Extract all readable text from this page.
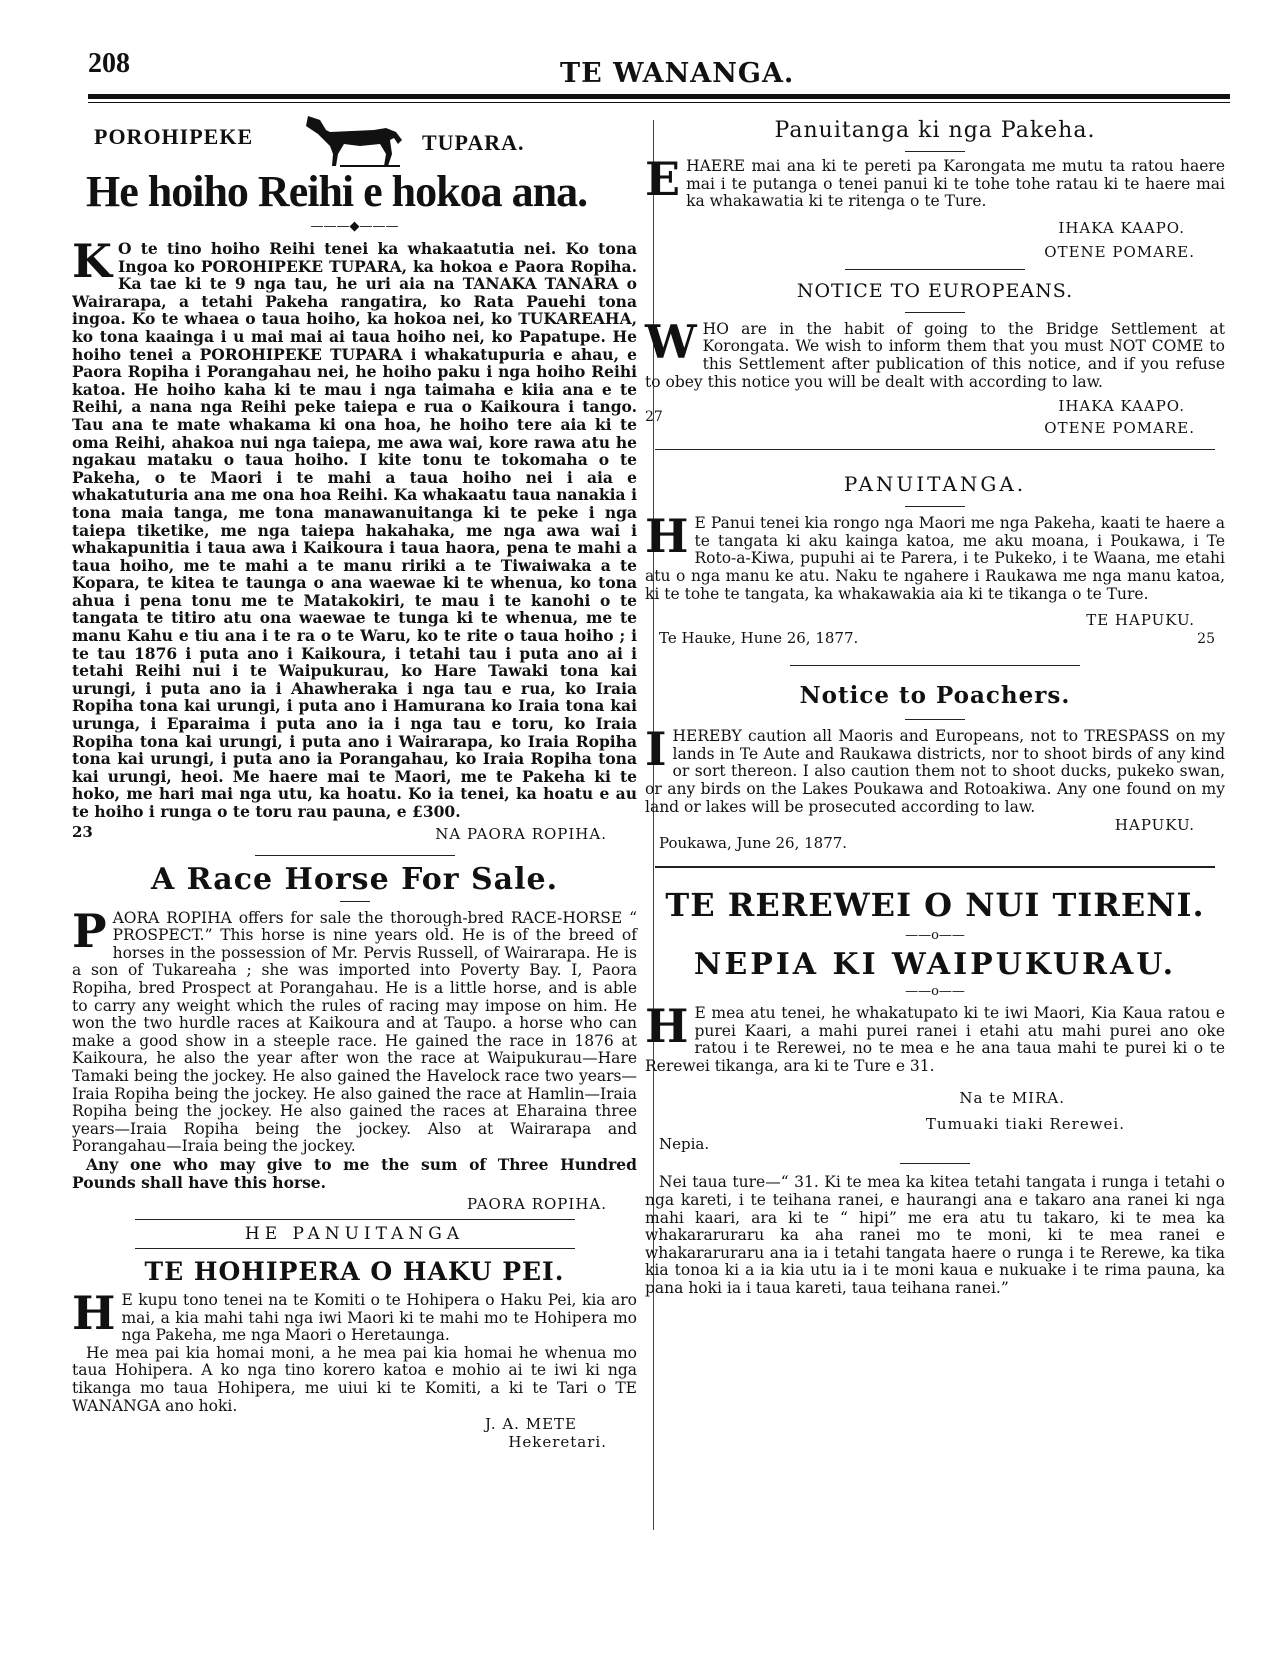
208	TE WANANGA.
POROHIPEKE	TUPARA.
He hoiho Reihi e hokoa ana.
———◆———
K O te tino hoiho Reihi tenei ka whakaatutia nei. Ko tona Ingoa ko POROHIPEKE TUPARA, ka hokoa e Paora Ropiha. Ka tae ki te 9 nga tau, he uri aia na TANAKA TANARA o Wairarapa, a tetahi Pakeha rangatira, ko Rata Pauehi tona ingoa. Ko te whaea o taua hoiho, ka hokoa nei, ko TUKAREAHA, ko tona kaainga i u mai mai ai taua hoiho nei, ko Papatupe. He hoiho tenei a POROHIPEKE TUPARA i whakatupuria e ahau, e Paora Ropiha i Porangahau nei, he hoiho paku i nga hoiho Reihi katoa. He hoiho kaha ki te mau i nga taimaha e kiia ana e te Reihi, a nana nga Reihi peke taiepa e rua o Kaikoura i tango. Tau ana te mate whakama ki ona hoa, he hoiho tere aia ki te oma Reihi, ahakoa nui nga taiepa, me awa wai, kore rawa atu he ngakau mataku o taua hoiho. I kite tonu te tokomaha o te Pakeha, o te Maori i te mahi a taua hoiho nei i aia e whakatuturia ana me ona hoa Reihi. Ka whakaatu taua nanakia i tona maia tanga, me tona manawanuitanga ki te peke i nga taiepa tiketike, me nga taiepa hakahaka, me nga awa wai i whakapunitia i taua awa i Kaikoura i taua haora, pena te mahi a taua hoiho, me te mahi a te manu ririki a te Tiwaiwaka a te Kopara, te kitea te taunga o ana waewae ki te whenua, ko tona ahua i pena tonu me te Matakokiri, te mau i te kanohi o te tangata te titiro atu ona waewae te tunga ki te whenua, me te manu Kahu e tiu ana i te ra o te Waru, ko te rite o taua hoiho ; i te tau 1876 i puta ano i Kaikoura, i tetahi tau i puta ano ai i tetahi Reihi nui i te Waipukurau, ko Hare Tawaki tona kai urungi, i puta ano ia i Ahawheraka i nga tau e rua, ko Iraia Ropiha tona kai urungi, i puta ano i Hamurana ko Iraia tona kai urunga, i Eparaima i puta ano ia i nga tau e toru, ko Iraia Ropiha tona kai urungi, i puta ano i Wairarapa, ko Iraia Ropiha tona kai urungi, i puta ano ia Porangahau, ko Iraia Ropiha tona kai urungi, heoi. Me haere mai te Maori, me te Pakeha ki te hoko, me hari mai nga utu, ka hoatu. Ko ia tenei, ka hoatu e au te hoiho i runga o te toru rau pauna, e £300.
23	NA PAORA ROPIHA.
A Race Horse For Sale.
PAORA ROPIHA offers for sale the thorough-bred RACE-HORSE “ PROSPECT.” This horse is nine years old. He is of the breed of horses in the possession of Mr. Pervis Russell, of Wairarapa. He is a son of Tukareaha ; she was imported into Poverty Bay. I, Paora Ropiha, bred Prospect at Porangahau. He is a little horse, and is able to carry any weight which the rules of racing may impose on him. He won the two hurdle races at Kaikoura and at Taupo. a horse who can make a good show in a steeple race. He gained the race in 1876 at Kaikoura, he also the year after won the race at Waipukurau—Hare Tamaki being the jockey. He also gained the Havelock race two years—Iraia Ropiha being the jockey. He also gained the race at Hamlin—Iraia Ropiha being the jockey. He also gained the races at Eharaina three years—Iraia Ropiha being the jockey. Also at Wairarapa and Porangahau—Iraia being the jockey.

Any one who may give to me the sum of Three Hundred Pounds shall have this horse.

PAORA ROPIHA.
HE PANUITANGA
TE HOHIPERA O HAKU PEI.
H E kupu tono tenei na te Komiti o te Hohipera o Haku Pei, kia aro mai, a kia mahi tahi nga iwi Maori ki te mahi mo te Hohipera mo nga Pakeha, me nga Maori o Heretaunga.

He mea pai kia homai moni, a he mea pai kia homai he whenua mo taua Hohipera. A ko nga tino korero katoa e mohio ai te iwi ki nga tikanga mo taua Hohipera, me uiui ki te Komiti, a ki te Tari o TE WANANGA ano hoki.

J. A. METE
Hekeretari.
Panuitanga ki nga Pakeha.
EHAERE mai ana ki te pereti pa Karongata me mutu ta ratou haere mai i te putanga o tenei panui ki te tohe tohe ratau ki te haere mai ka whakawatia ki te ritenga o te Ture.
IHAKA KAAPO.
OTENE POMARE.
NOTICE TO EUROPEANS.
WHO are in the habit of going to the Bridge Settlement at Korongata. We wish to inform them that you must NOT COME to this Settlement after publication of this notice, and if you refuse to obey this notice you will be dealt with according to law.
IHAKA KAAPO.
27
OTENE POMARE.
PANUITANGA.
H E Panui tenei kia rongo nga Maori me nga Pakeha, kaati te haere a te tangata ki aku kainga katoa, me aku moana, i Poukawa, i Te Roto-a-Kiwa, pupuhi ai te Parera, i te Pukeko, i te Waana, me etahi atu o nga manu ke atu. Naku te ngahere i Raukawa me nga manu katoa, ki te tohe te tangata, ka whakawakia aia ki te tikanga o te Ture.
TE HAPUKU.
Te Hauke, Hune 26, 1877.	25
Notice to Poachers.
IHEREBY caution all Maoris and Europeans, not to TRESPASS on my lands in Te Aute and Raukawa districts, nor to shoot birds of any kind or sort thereon. I also caution them not to shoot ducks, pukeko swan, or any birds on the Lakes Poukawa and Rotoakiwa. Any one found on my land or lakes will be prosecuted according to law.
HAPUKU.
Poukawa, June 26, 1877.
TE REREWEI O NUI TIRENI.
——o——
NEPIA KI WAIPUKURAU.
——o——
H E mea atu tenei, he whakatupato ki te iwi Maori, Kia Kaua ratou e purei Kaari, a mahi purei ranei i etahi atu mahi purei ano oke ratou i te Rerewei, no te mea e he ana taua mahi te purei ki o te Rerewei tikanga, ara ki te Ture e 31.
Na te MIRA.
Tumuaki tiaki Rerewei.
Nepia.

Nei taua ture—“ 31. Ki te mea ka kitea tetahi tangata i runga i tetahi o nga kareti, i te teihana ranei, e haurangi ana e takaro ana ranei ki nga mahi kaari, ara ki te “ hipi” me era atu tu takaro, ki te mea ka whakararuraru ka aha ranei mo te moni, ki te mea ranei e whakararuraru ana ia i tetahi tangata haere o runga i te Rerewe, ka tika kia tonoa ki a ia kia utu ia i te moni kaua e nukuake i te rima pauna, ka pana hoki ia i taua kareti, taua teihana ranei.”
